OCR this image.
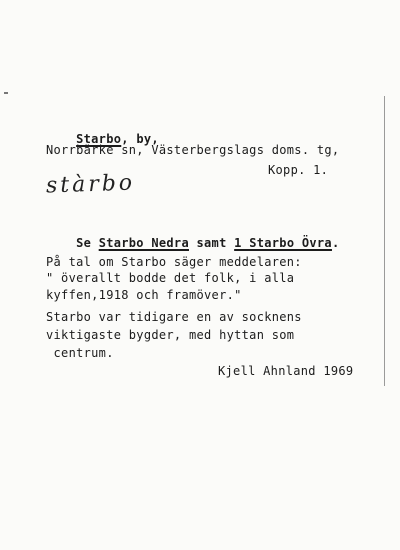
Starbo, by,

Norrbärke sn, Västerbergslags doms. tg,
Kopp. 1.
stàrbo

Se Starbo Nedra samt 1 Starbo Övra.

På tal om Starbo säger meddelaren:
" överallt bodde det folk, i alla
kyffen,1918 och framöver."
Starbo var tidigare en av socknens
viktigaste bygder, med hyttan som
centrum.
Kjell Ahnland 1969
